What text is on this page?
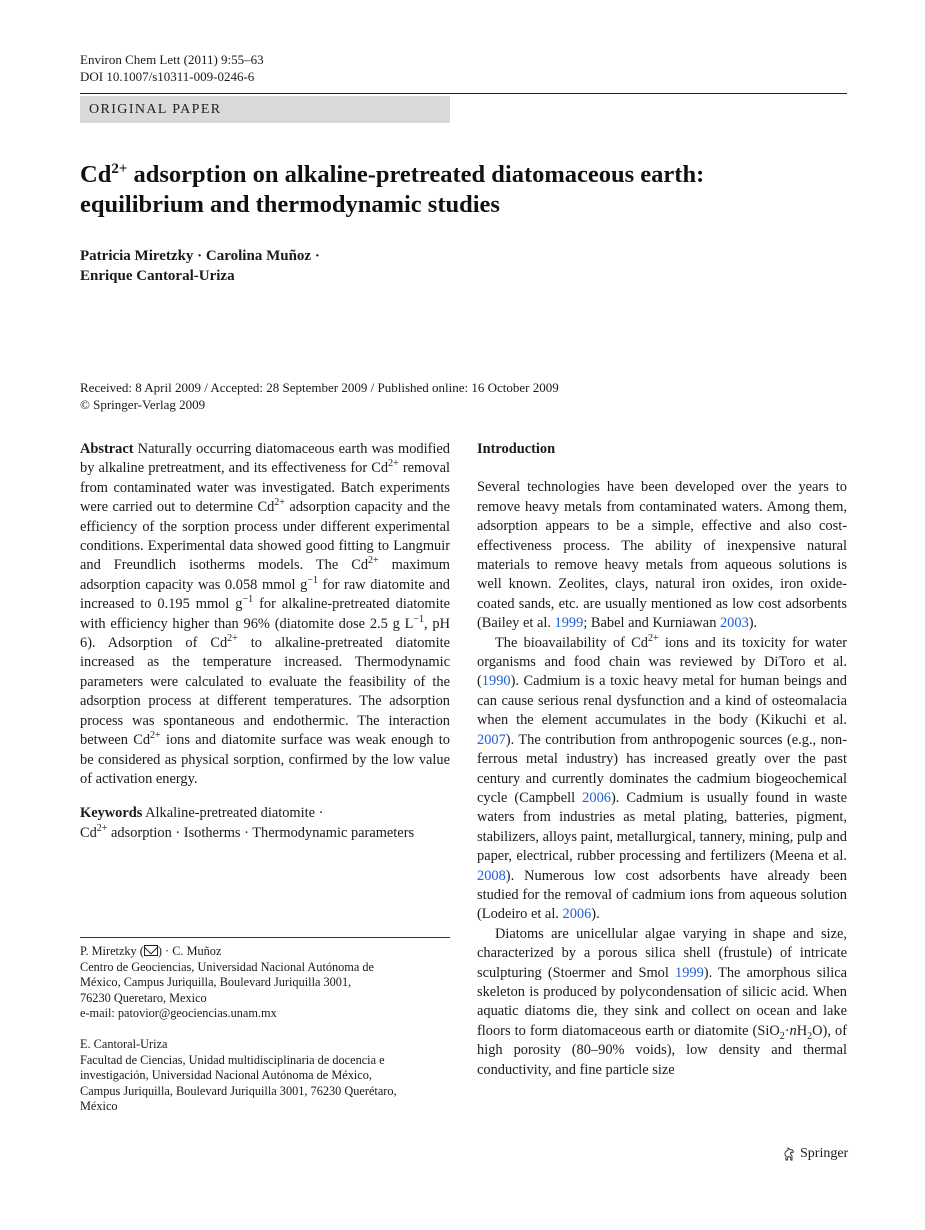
Environ Chem Lett (2011) 9:55–63
DOI 10.1007/s10311-009-0246-6
ORIGINAL PAPER
$Cd^{2+}$ adsorption on alkaline-pretreated diatomaceous earth:
equilibrium and thermodynamic studies
Patricia Miretzky · Carolina Muñoz ·
Enrique Cantoral-Uriza
Received: 8 April 2009 / Accepted: 28 September 2009 / Published online: 16 October 2009
© Springer-Verlag 2009

Abstract Naturally occurring diatomaceous earth was modified by alkaline pretreatment, and its effectiveness for $Cd^{2+}$ removal from contaminated water was investigated. Batch experiments were carried out to determine $Cd^{2+}$ adsorption capacity and the efficiency of the sorption process under different experimental conditions. Experimental data showed good fitting to Langmuir and Freundlich isotherms models. The $Cd^{2+}$ maximum adsorption capacity was 0.058 mmol $g^{-1}$ for raw diatomite and increased to 0.195 mmol $g^{-1}$ for alkaline-pretreated diatomite with efficiency higher than 96% (diatomite dose 2.5 g $L^{-1}$, pH 6). Adsorption of $Cd^{2+}$ to alkaline-pretreated diatomite increased as the temperature increased. Thermodynamic parameters were calculated to evaluate the feasibility of the adsorption process at different temperatures. The adsorption process was spontaneous and endothermic. The interaction between $Cd^{2+}$ ions and diatomite surface was weak enough to be considered as physical sorption, confirmed by the low value of activation energy.

Keywords Alkaline-pretreated diatomite ·
$Cd^{2+}$ adsorption · Isotherms · Thermodynamic parameters

P. Miretzky ( ) · C. Muñoz
Centro de Geociencias, Universidad Nacional Autónoma de
México, Campus Juriquilla, Boulevard Juriquilla 3001,
76230 Queretaro, Mexico
e-mail: patovior@geociencias.unam.mx
E. Cantoral-Uriza
Facultad de Ciencias, Unidad multidisciplinaria de docencia e
investigación, Universidad Nacional Autónoma de México,
Campus Juriquilla, Boulevard Juriquilla 3001, 76230 Querétaro,
México

Introduction

Several technologies have been developed over the years to remove heavy metals from contaminated waters. Among them, adsorption appears to be a simple, effective and also cost-effectiveness process. The ability of inexpensive natural materials to remove heavy metals from aqueous solutions is well known. Zeolites, clays, natural iron oxides, iron oxide-coated sands, etc. are usually mentioned as low cost adsorbents (Bailey et al. 1999; Babel and Kurniawan 2003).

The bioavailability of $Cd^{2+}$ ions and its toxicity for water organisms and food chain was reviewed by DiToro et al. (1990). Cadmium is a toxic heavy metal for human beings and can cause serious renal dysfunction and a kind of osteomalacia when the element accumulates in the body (Kikuchi et al. 2007). The contribution from anthropogenic sources (e.g., non-ferrous metal industry) has increased greatly over the past century and currently dominates the cadmium biogeochemical cycle (Campbell 2006). Cadmium is usually found in waste waters from industries as metal plating, batteries, pigment, stabilizers, alloys paint, metallurgical, tannery, mining, pulp and paper, electrical, rubber processing and fertilizers (Meena et al. 2008). Numerous low cost adsorbents have already been studied for the removal of cadmium ions from aqueous solution (Lodeiro et al. 2006).

Diatoms are unicellular algae varying in shape and size, characterized by a porous silica shell (frustule) of intricate sculpturing (Stoermer and Smol 1999). The amorphous silica skeleton is produced by polycondensation of silicic acid. When aquatic diatoms die, they sink and collect on ocean and lake floors to form diatomaceous earth or diatomite $(SiO_2\cdot nH_2O)$, of high porosity (80–90% voids), low density and thermal conductivity, and fine particle size

Springer
